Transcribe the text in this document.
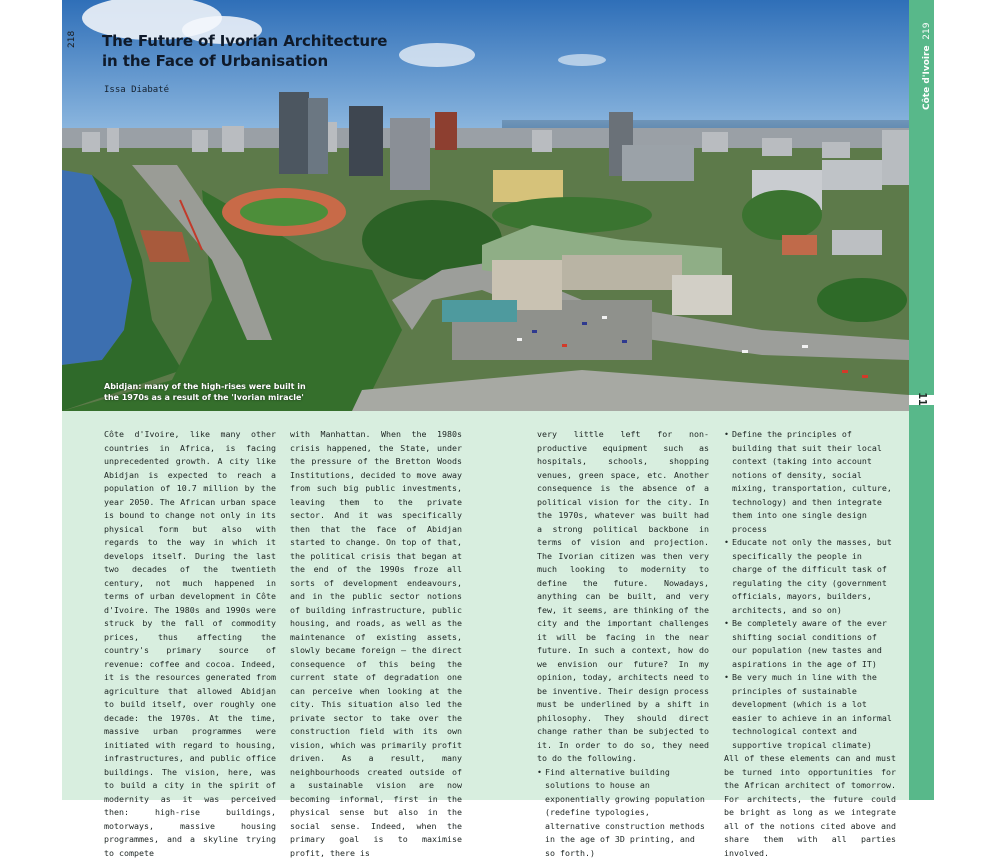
218 The Future of Ivorian Architecture
in the Face of Urbanisation
Issa Diabaté
Abidjan: many of the high-rises were built in
the 1970s as a result of the 'Ivorian miracle'

Côte d'Ivoire, like many other countries in Africa, is facing unprecedented growth. A city like Abidjan is expected to reach a population of 10.7 million by the year 2050. The African urban space is bound to change not only in its physical form but also with regards to the way in which it develops itself. During the last two decades of the twentieth century, not much happened in terms of urban development in Côte d'Ivoire. The 1980s and 1990s were struck by the fall of commodity prices, thus affecting the country's primary source of revenue: coffee and cocoa. Indeed, it is the resources generated from agriculture that allowed Abidjan to build itself, over roughly one decade: the 1970s. At the time, massive urban programmes were initiated with regard to housing, infrastructures, and public office buildings. The vision, here, was to build a city in the spirit of modernity as it was perceived then: high-rise buildings, motorways, massive housing programmes, and a skyline trying to compete

with Manhattan. When the 1980s crisis happened, the State, under the pressure of the Bretton Woods Institutions, decided to move away from such big public investments, leaving them to the private sector. And it was specifically then that the face of Abidjan started to change. On top of that, the political crisis that began at the end of the 1990s froze all sorts of development endeavours, and in the public sector notions of building infrastructure, public housing, and roads, as well as the maintenance of existing assets, slowly became foreign – the direct consequence of this being the current state of degradation one can perceive when looking at the city. This situation also led the private sector to take over the construction field with its own vision, which was primarily profit driven. As a result, many neighbourhoods created outside of a sustainable vision are now becoming informal, first in the physical sense but also in the social sense. Indeed, when the primary goal is to maximise profit, there is

very little left for non-productive equipment such as hospitals, schools, shopping venues, green space, etc. Another consequence is the absence of a political vision for the city. In the 1970s, whatever was built had a strong political backbone in terms of vision and projection. The Ivorian citizen was then very much looking to modernity to define the future. Nowadays, anything can be built, and very few, it seems, are thinking of the city and the important challenges it will be facing in the near future. In such a context, how do we envision our future? In my opinion, today, architects need to be inventive. Their design process must be underlined by a shift in philosophy. They should direct change rather than be subjected to it. In order to do so, they need to do the following.

• Find alternative building solutions to house an exponentially growing population (redefine typologies, alternative construction methods in the age of 3D printing, and so forth.)
• Define the principles of building that suit their local context (taking into account notions of density, social mixing, transportation, culture, technology) and then integrate them into one single design process
• Educate not only the masses, but specifically the people in charge of the difficult task of regulating the city (government officials, mayors, builders, architects, and so on)
• Be completely aware of the ever shifting social conditions of our population (new tastes and aspirations in the age of IT)
• Be very much in line with the principles of sustainable development (which is a lot easier to achieve in an informal technological context and supportive tropical climate)

All of these elements can and must be turned into opportunities for the African architect of tomorrow. For architects, the future could be bright as long as we integrate all of the notions cited above and share them with all parties involved.

11
Côte d'Ivoire  219
